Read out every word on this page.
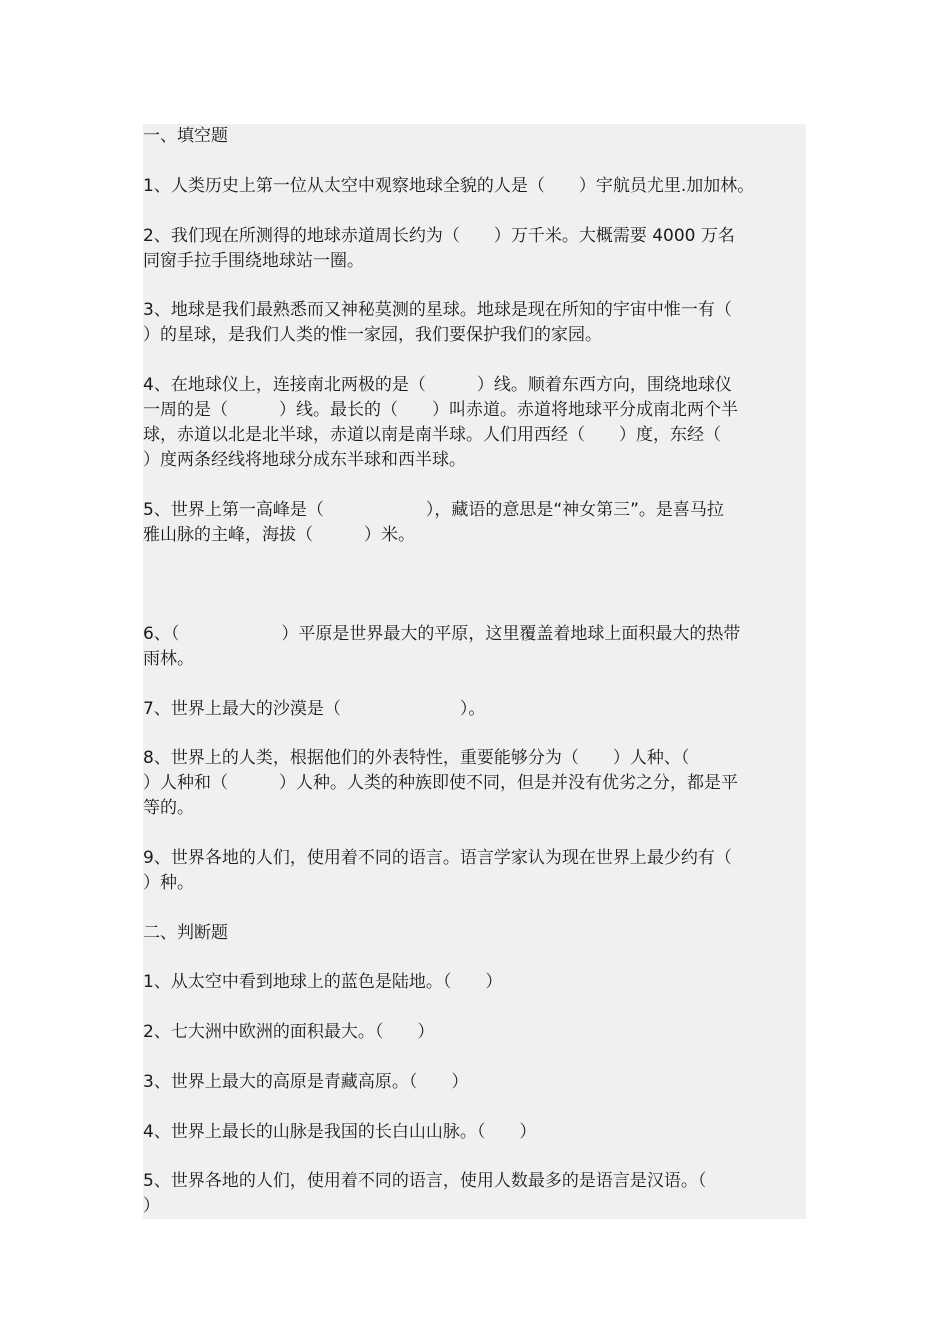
一、填空题
1、人类历史上第一位从太空中观察地球全貌的人是（　　）宇航员尤里.加加林。
2、我们现在所测得的地球赤道周长约为（　　）万千米。大概需要 4000 万名
同窗手拉手围绕地球站一圈。
3、地球是我们最熟悉而又神秘莫测的星球。地球是现在所知的宇宙中惟一有（
）的星球，是我们人类的惟一家园，我们要保护我们的家园。
4、在地球仪上，连接南北两极的是（　　　）线。顺着东西方向，围绕地球仪
一周的是（　　　）线。最长的（　　）叫赤道。赤道将地球平分成南北两个半
球，赤道以北是北半球，赤道以南是南半球。人们用西经（　　）度，东经（
）度两条经线将地球分成东半球和西半球。
5、世界上第一高峰是（　　　　　　），藏语的意思是“神女第三”。是喜马拉
雅山脉的主峰，海拔（　　　）米。
6、（　　　　　　）平原是世界最大的平原，这里覆盖着地球上面积最大的热带
雨林。
7、世界上最大的沙漠是（　　　　　　　）。
8、世界上的人类，根据他们的外表特性，重要能够分为（　　）人种、（
）人种和（　　　）人种。人类的种族即使不同，但是并没有优劣之分，都是平
等的。
9、世界各地的人们，使用着不同的语言。语言学家认为现在世界上最少约有（
）种。
二、判断题
1、从太空中看到地球上的蓝色是陆地。（　　）
2、七大洲中欧洲的面积最大。（　　）
3、世界上最大的高原是青藏高原。（　　）
4、世界上最长的山脉是我国的长白山山脉。（　　）
5、世界各地的人们，使用着不同的语言，使用人数最多的是语言是汉语。（
）
